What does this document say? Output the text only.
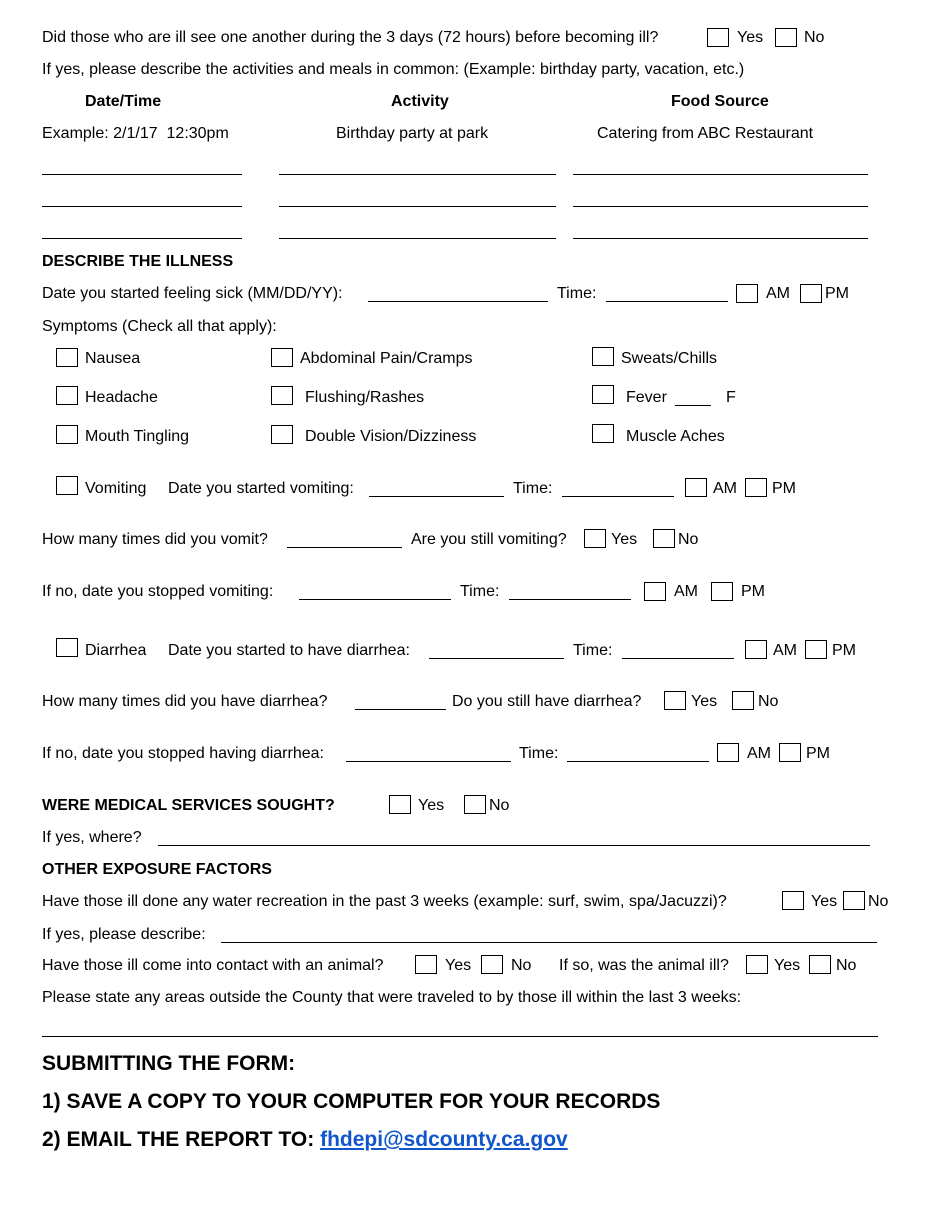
Did those who are ill see one another during the 3 days (72 hours) before becoming ill?	Yes	No
If yes, please describe the activities and meals in common: (Example: birthday party, vacation, etc.)
Date/Time	Activity	Food Source
Example: 2/1/17  12:30pm	Birthday party at park	Catering from ABC Restaurant
DESCRIBE THE ILLNESS
Date you started feeling sick (MM/DD/YY):	Time:	AM PM
Symptoms (Check all that apply):
Nausea	Abdominal Pain/Cramps	Sweats/Chills
Headache	Flushing/Rashes	Fever	F
Mouth Tingling	Double Vision/Dizziness	Muscle Aches
Vomiting Date you started vomiting:	Time:	AM PM
How many times did you vomit?	Are you still vomiting?	Yes	No
If no, date you stopped vomiting:	Time:	AM	PM
Diarrhea Date you started to have diarrhea:	Time:	AM PM
How many times did you have diarrhea?	Do you still have diarrhea?	Yes	No
If no, date you stopped having diarrhea:	Time:	AM PM
WERE MEDICAL SERVICES SOUGHT?	Yes	No
If yes, where?
OTHER EXPOSURE FACTORS
Have those ill done any water recreation in the past 3 weeks (example: surf, swim, spa/Jacuzzi)?	Yes No
If yes, please describe:
Have those ill come into contact with an animal?	Yes No If so, was the animal ill?	Yes No
Please state any areas outside the County that were traveled to by those ill within the last 3 weeks:
SUBMITTING THE FORM:
1) SAVE A COPY TO YOUR COMPUTER FOR YOUR RECORDS
2) EMAIL THE REPORT TO: fhdepi@sdcounty.ca.gov
